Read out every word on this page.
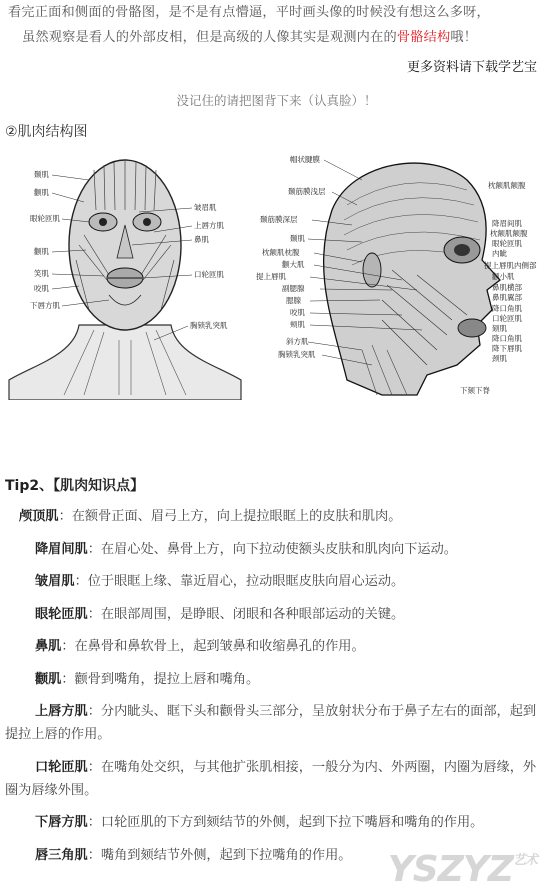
看完正面和侧面的骨骼图，是不是有点懵逼，平时画头像的时候没有想这么多呀，
虽然观察是看人的外部皮相，但是高级的人像其实是观测内在的骨骼结构哦！
更多资料请下载学艺宝
没记住的请把图背下来（认真脸）！
②肌肉结构图
颞肌
颧肌
眼轮匝肌
颧肌
笑肌
咬肌
下唇方肌
皱眉肌
上唇方肌
鼻肌
口轮匝肌
胸锁乳突肌
帽状腱膜
颞筋膜浅层
颞筋膜深层
颞肌
枕额肌枕腹
颧大肌
提上唇肌
副腮腺
腮腺
咬肌
颊肌
斜方肌
胸锁乳突肌
枕额肌额腹
降眉间肌
枕额肌额腹
眼轮匝肌
内眦
提上唇肌内侧部
颧小肌
鼻肌横部
鼻肌翼部
降口角肌
口轮匝肌
颏肌
降口角肌
降下唇肌
颈肌
下颏下脊
Tip2、【肌肉知识点】
颅顶肌：在额骨正面、眉弓上方，向上提拉眼眶上的皮肤和肌肉。
降眉间肌：在眉心处、鼻骨上方，向下拉动使额头皮肤和肌肉向下运动。
皱眉肌：位于眼眶上缘、靠近眉心，拉动眼眶皮肤向眉心运动。
眼轮匝肌：在眼部周围，是睁眼、闭眼和各种眼部运动的关键。
鼻肌：在鼻骨和鼻软骨上，起到皱鼻和收缩鼻孔的作用。
颧肌：颧骨到嘴角，提拉上唇和嘴角。
上唇方肌：分内眦头、眶下头和颧骨头三部分，呈放射状分布于鼻子左右的面部，起到提拉上唇的作用。
口轮匝肌：在嘴角处交织，与其他扩张肌相接，一般分为内、外两圈，内圈为唇缘，外圈为唇缘外围。
下唇方肌：口轮匝肌的下方到颏结节的外侧，起到下拉下嘴唇和嘴角的作用。
唇三角肌：嘴角到颏结节外侧，起到下拉嘴角的作用。	$YSZYZ^{艺术}$
